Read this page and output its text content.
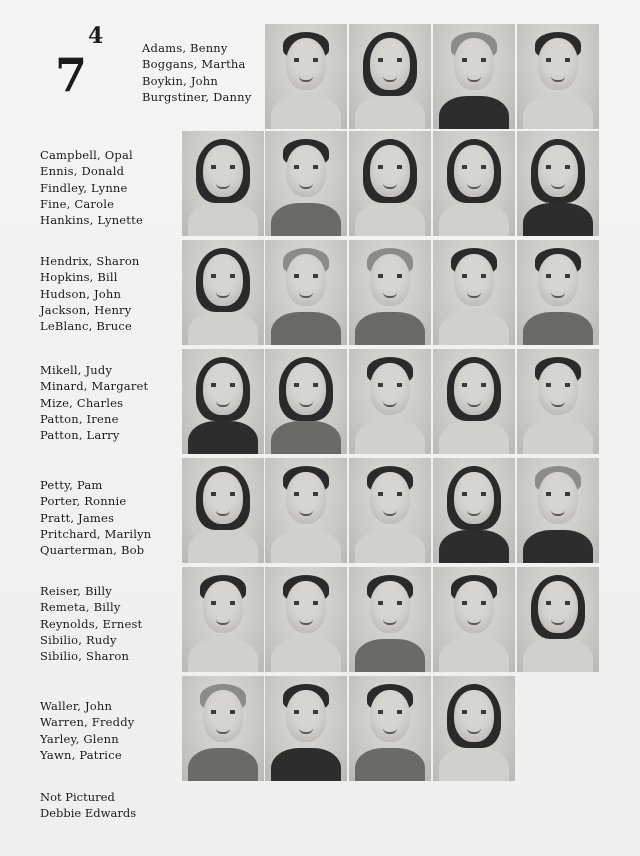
7
4	Adams, Benny
Boggans, Martha
Boykin, John
Burgstiner, Danny
Campbell, Opal
Ennis, Donald
Findley, Lynne
Fine, Carole
Hankins, Lynette
Hendrix, Sharon
Hopkins, Bill
Hudson, John
Jackson, Henry
LeBlanc, Bruce
Mikell, Judy
Minard, Margaret
Mize, Charles
Patton, Irene
Patton, Larry
Petty, Pam
Porter, Ronnie
Pratt, James
Pritchard, Marilyn
Quarterman, Bob
Reiser, Billy
Remeta, Billy
Reynolds, Ernest
Sibilio, Rudy
Sibilio, Sharon
Waller, John
Warren, Freddy
Yarley, Glenn
Yawn, Patrice
Not Pictured
Debbie Edwards
